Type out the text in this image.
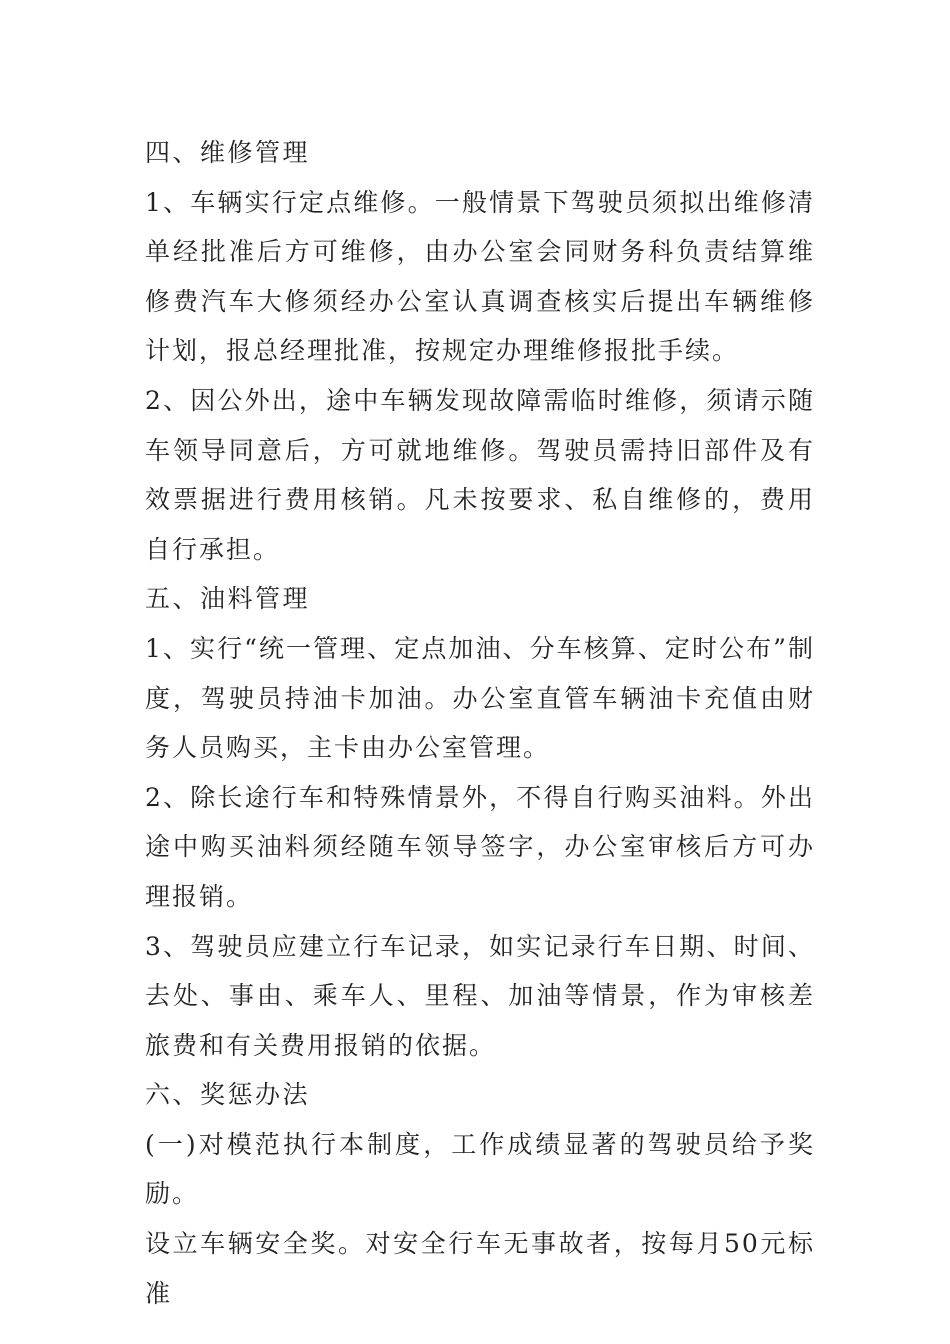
四、维修管理

1、车辆实行定点维修。一般情景下驾驶员须拟出维修清单经批准后方可维修，由办公室会同财务科负责结算维修费汽车大修须经办公室认真调查核实后提出车辆维修计划，报总经理批准，按规定办理维修报批手续。

2、因公外出，途中车辆发现故障需临时维修，须请示随车领导同意后，方可就地维修。驾驶员需持旧部件及有效票据进行费用核销。凡未按要求、私自维修的，费用自行承担。

五、油料管理

1、实行“统一管理、定点加油、分车核算、定时公布”制度，驾驶员持油卡加油。办公室直管车辆油卡充值由财务人员购买，主卡由办公室管理。

2、除长途行车和特殊情景外，不得自行购买油料。外出途中购买油料须经随车领导签字，办公室审核后方可办理报销。

3、驾驶员应建立行车记录，如实记录行车日期、时间、去处、事由、乘车人、里程、加油等情景，作为审核差旅费和有关费用报销的依据。

六、奖惩办法

(一)对模范执行本制度，工作成绩显著的驾驶员给予奖励。

设立车辆安全奖。对安全行车无事故者，按每月50元标准
